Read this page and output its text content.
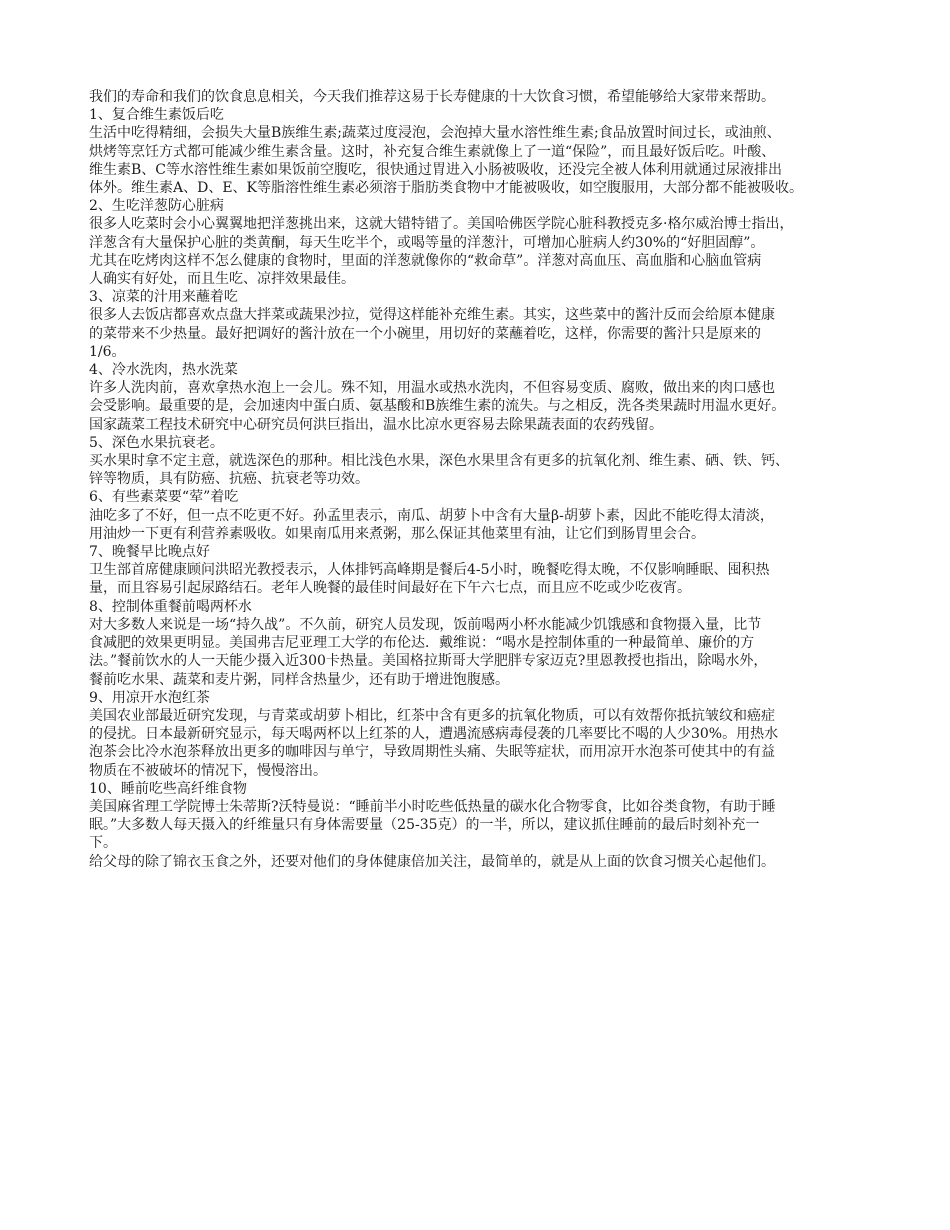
我们的寿命和我们的饮食息息相关，今天我们推荐这易于长寿健康的十大饮食习惯，希望能够给大家带来帮助。
1、复合维生素饭后吃
生活中吃得精细，会损失大量B族维生素;蔬菜过度浸泡，会泡掉大量水溶性维生素;食品放置时间过长，或油煎、
烘烤等烹饪方式都可能减少维生素含量。这时，补充复合维生素就像上了一道“保险”，而且最好饭后吃。叶酸、
维生素B、C等水溶性维生素如果饭前空腹吃，很快通过胃进入小肠被吸收，还没完全被人体利用就通过尿液排出
体外。维生素A、D、E、K等脂溶性维生素必须溶于脂肪类食物中才能被吸收，如空腹服用，大部分都不能被吸收。
2、生吃洋葱防心脏病
很多人吃菜时会小心翼翼地把洋葱挑出来，这就大错特错了。美国哈佛医学院心脏科教授克多·格尔威治博士指出，
洋葱含有大量保护心脏的类黄酮，每天生吃半个，或喝等量的洋葱汁，可增加心脏病人约30%的“好胆固醇”。
尤其在吃烤肉这样不怎么健康的食物时，里面的洋葱就像你的“救命草”。洋葱对高血压、高血脂和心脑血管病
人确实有好处，而且生吃、凉拌效果最佳。
3、凉菜的汁用来蘸着吃
很多人去饭店都喜欢点盘大拌菜或蔬果沙拉，觉得这样能补充维生素。其实，这些菜中的酱汁反而会给原本健康
的菜带来不少热量。最好把调好的酱汁放在一个小碗里，用切好的菜蘸着吃，这样，你需要的酱汁只是原来的
1/6。
4、冷水洗肉，热水洗菜
许多人洗肉前，喜欢拿热水泡上一会儿。殊不知，用温水或热水洗肉，不但容易变质、腐败，做出来的肉口感也
会受影响。最重要的是，会加速肉中蛋白质、氨基酸和B族维生素的流失。与之相反，洗各类果蔬时用温水更好。
国家蔬菜工程技术研究中心研究员何洪巨指出，温水比凉水更容易去除果蔬表面的农药残留。
5、深色水果抗衰老。
买水果时拿不定主意，就选深色的那种。相比浅色水果，深色水果里含有更多的抗氧化剂、维生素、硒、铁、钙、
锌等物质，具有防癌、抗癌、抗衰老等功效。
6、有些素菜要“荤”着吃
油吃多了不好，但一点不吃更不好。孙孟里表示，南瓜、胡萝卜中含有大量β-胡萝卜素，因此不能吃得太清淡，
用油炒一下更有利营养素吸收。如果南瓜用来煮粥，那么保证其他菜里有油，让它们到肠胃里会合。
7、晚餐早比晚点好
卫生部首席健康顾问洪昭光教授表示，人体排钙高峰期是餐后4-5小时，晚餐吃得太晚，不仅影响睡眠、囤积热
量，而且容易引起尿路结石。老年人晚餐的最佳时间最好在下午六七点，而且应不吃或少吃夜宵。
8、控制体重餐前喝两杯水
对大多数人来说是一场“持久战”。不久前，研究人员发现，饭前喝两小杯水能减少饥饿感和食物摄入量，比节
食减肥的效果更明显。美国弗吉尼亚理工大学的布伦达．戴维说：“喝水是控制体重的一种最简单、廉价的方
法。”餐前饮水的人一天能少摄入近300卡热量。美国格拉斯哥大学肥胖专家迈克?里恩教授也指出，除喝水外，
餐前吃水果、蔬菜和麦片粥，同样含热量少，还有助于增进饱腹感。
9、用凉开水泡红茶
美国农业部最近研究发现，与青菜或胡萝卜相比，红茶中含有更多的抗氧化物质，可以有效帮你抵抗皱纹和癌症
的侵扰。日本最新研究显示，每天喝两杯以上红茶的人，遭遇流感病毒侵袭的几率要比不喝的人少30%。用热水
泡茶会比冷水泡茶释放出更多的咖啡因与单宁，导致周期性头痛、失眠等症状，而用凉开水泡茶可使其中的有益
物质在不被破坏的情况下，慢慢溶出。
10、睡前吃些高纤维食物
美国麻省理工学院博士朱蒂斯?沃特曼说：“睡前半小时吃些低热量的碳水化合物零食，比如谷类食物，有助于睡
眠。”大多数人每天摄入的纤维量只有身体需要量（25-35克）的一半，所以，建议抓住睡前的最后时刻补充一
下。
给父母的除了锦衣玉食之外，还要对他们的身体健康倍加关注，最简单的，就是从上面的饮食习惯关心起他们。
